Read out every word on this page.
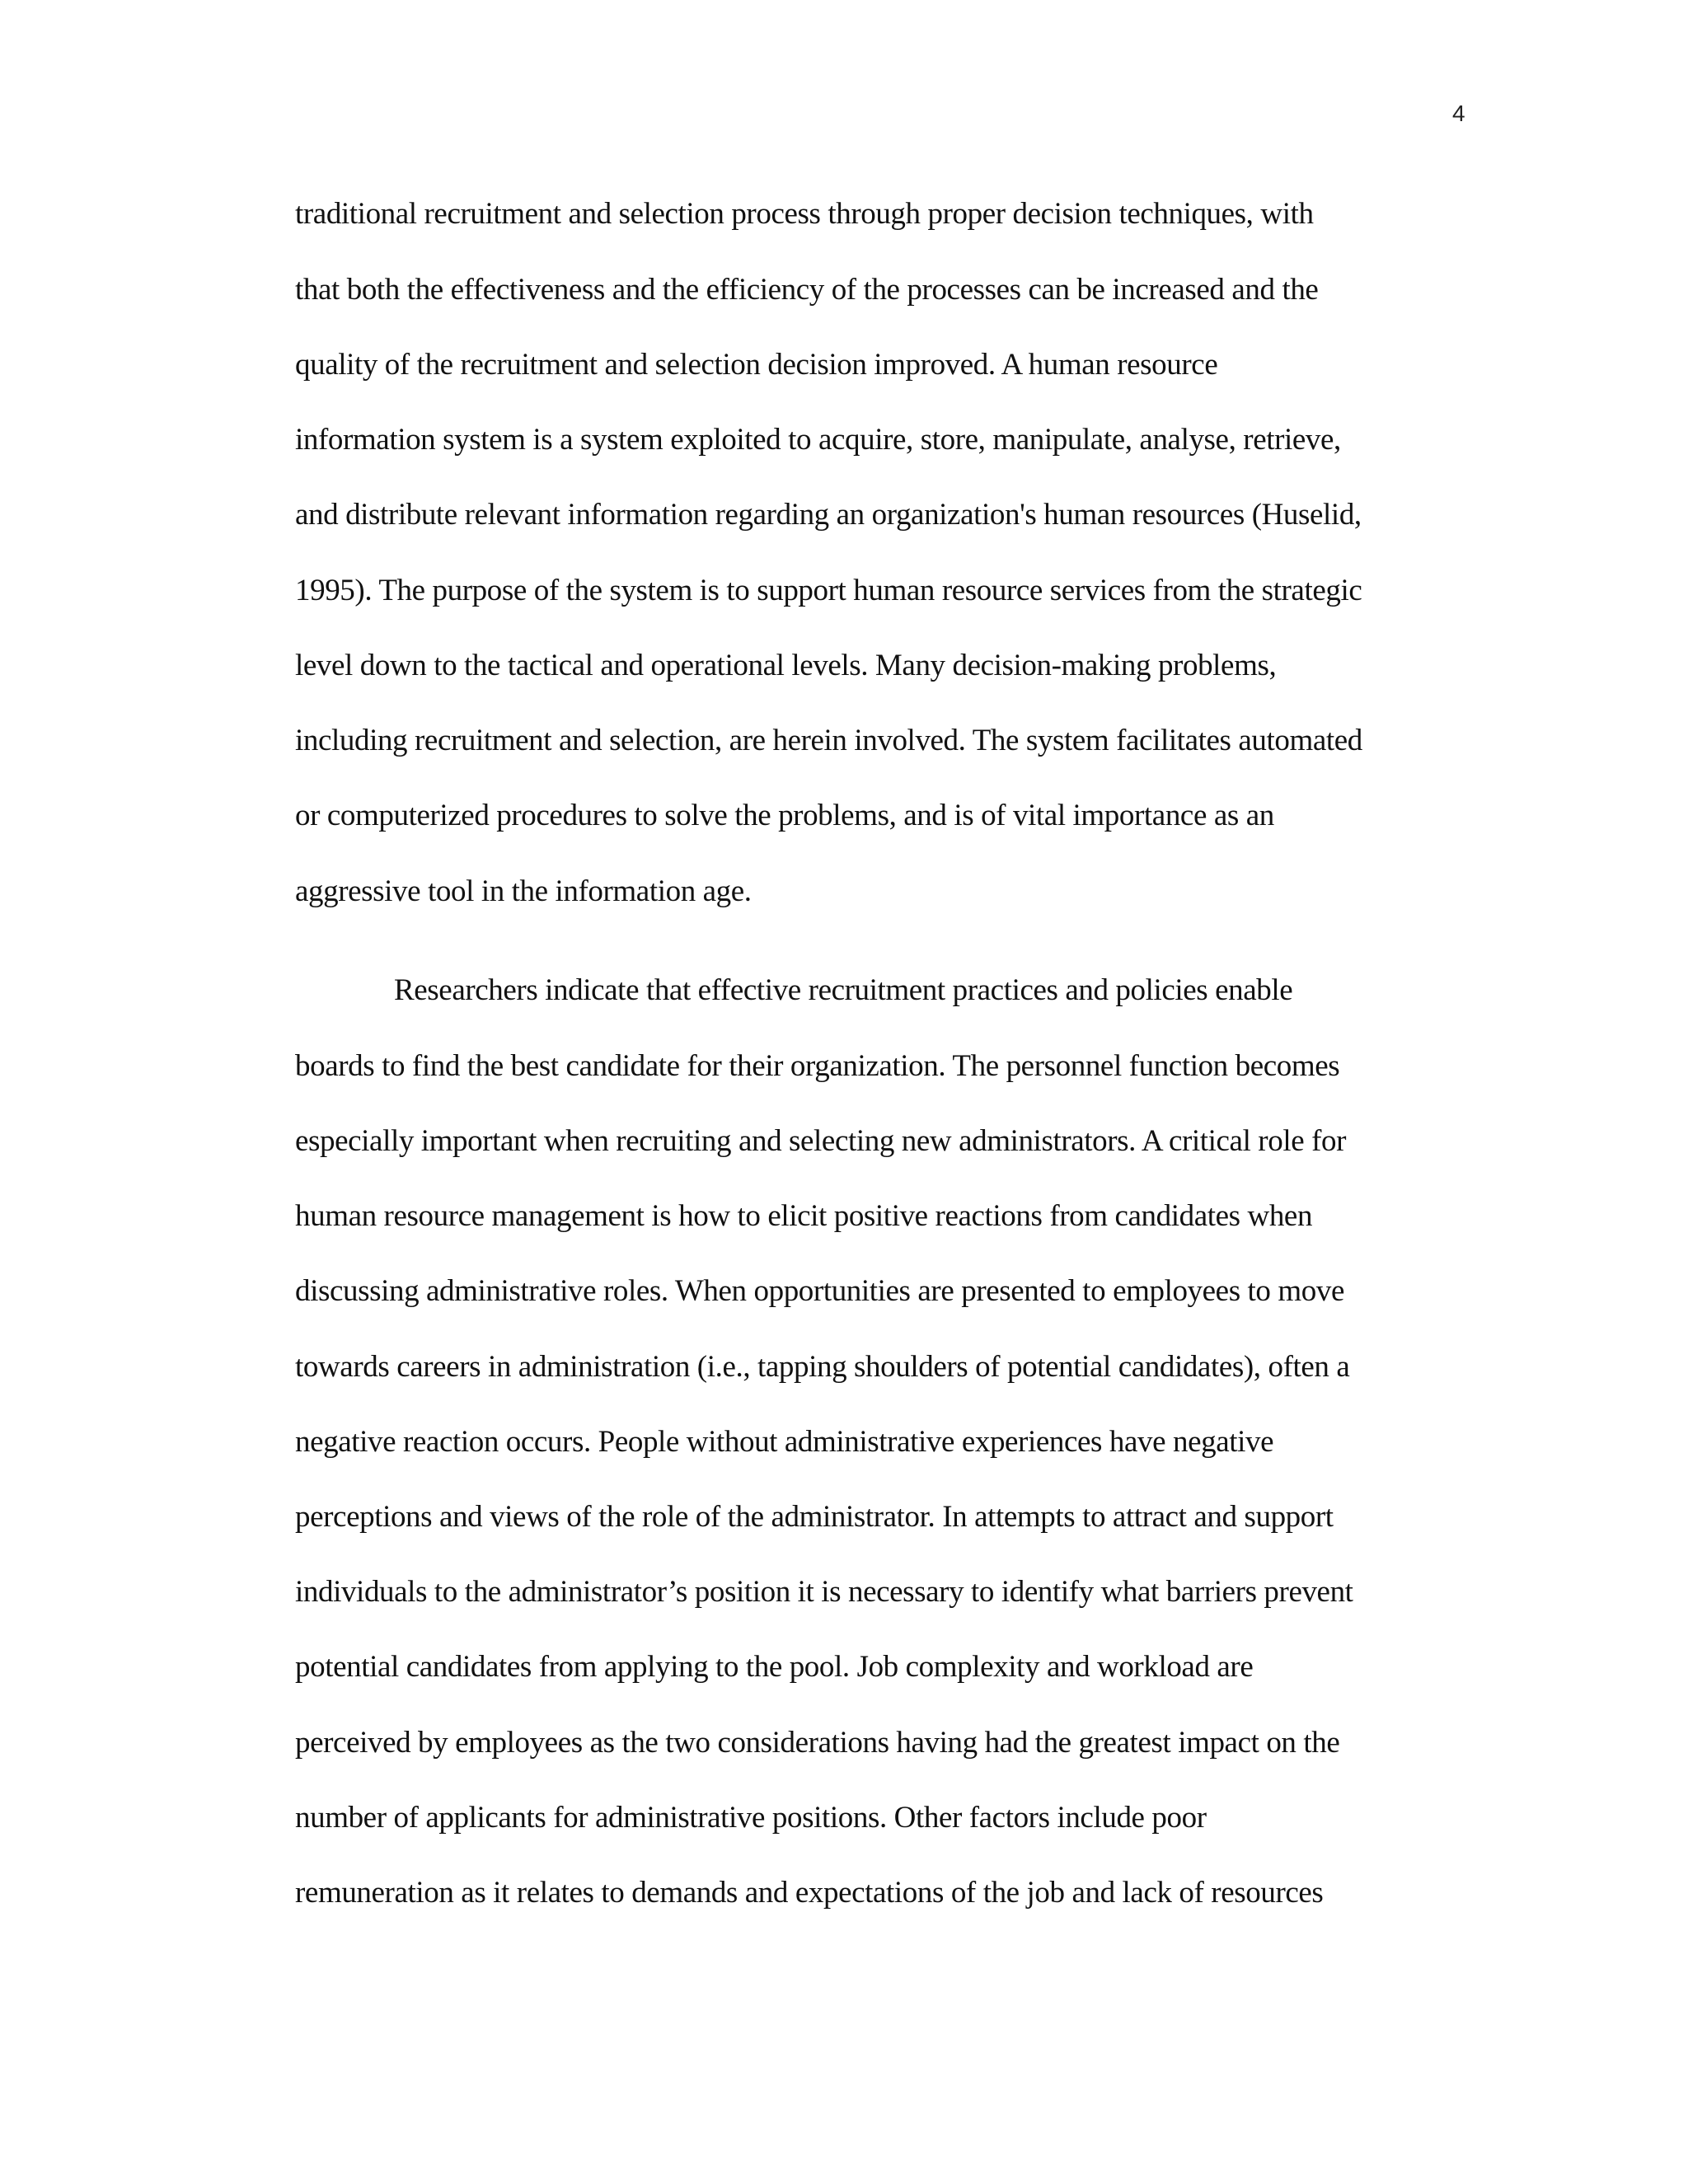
4
traditional recruitment and selection process through proper decision techniques, with
that both the effectiveness and the efficiency of the processes can be increased and the
quality of the recruitment and selection decision improved. A human resource
information system is a system exploited to acquire, store, manipulate, analyse, retrieve,
and distribute relevant information regarding an organization's human resources (Huselid,
1995). The purpose of the system is to support human resource services from the strategic
level down to the tactical and operational levels. Many decision-making problems,
including recruitment and selection, are herein involved. The system facilitates automated
or computerized procedures to solve the problems, and is of vital importance as an
aggressive tool in the information age.
Researchers indicate that effective recruitment practices and policies enable
boards to find the best candidate for their organization. The personnel function becomes
especially important when recruiting and selecting new administrators. A critical role for
human resource management is how to elicit positive reactions from candidates when
discussing administrative roles. When opportunities are presented to employees to move
towards careers in administration (i.e., tapping shoulders of potential candidates), often a
negative reaction occurs. People without administrative experiences have negative
perceptions and views of the role of the administrator. In attempts to attract and support
individuals to the administrator’s position it is necessary to identify what barriers prevent
potential candidates from applying to the pool. Job complexity and workload are
perceived by employees as the two considerations having had the greatest impact on the
number of applicants for administrative positions. Other factors include poor
remuneration as it relates to demands and expectations of the job and lack of resources
